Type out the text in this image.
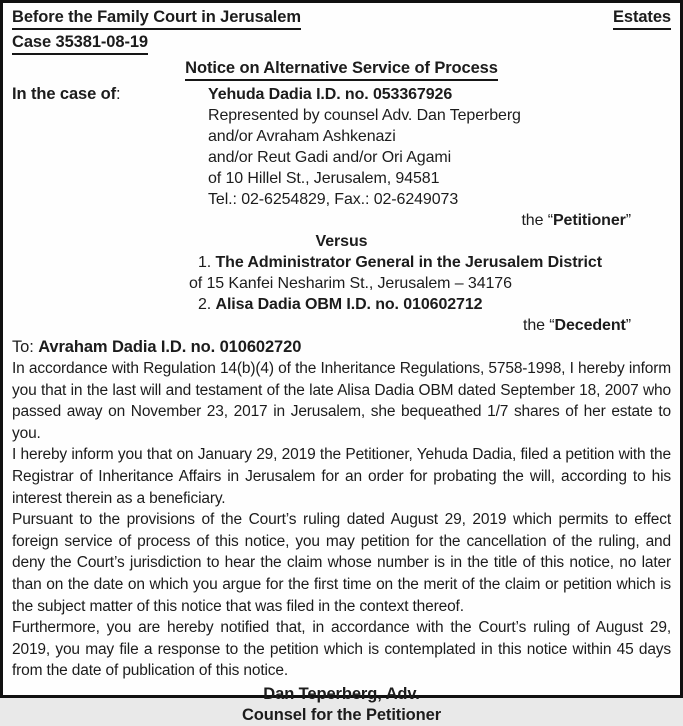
Before the Family Court in Jerusalem	Estates
Case 35381-08-19
Notice on Alternative Service of Process
In the case of:	Yehuda Dadia I.D. no. 053367926
Represented by counsel Adv. Dan Teperberg
and/or Avraham Ashkenazi
and/or Reut Gadi and/or Ori Agami
of 10 Hillel St., Jerusalem, 94581
Tel.: 02-6254829, Fax.: 02-6249073
the “Petitioner”
Versus
1. The Administrator General in the Jerusalem District
of 15 Kanfei Nesharim St., Jerusalem – 34176
2. Alisa Dadia OBM I.D. no. 010602712
the “Decedent”
To: Avraham Dadia I.D. no. 010602720
In accordance with Regulation 14(b)(4) of the Inheritance Regulations, 5758-1998, I hereby inform you that in the last will and testament of the late Alisa Dadia OBM dated September 18, 2007 who passed away on November 23, 2017 in Jerusalem, she bequeathed 1/7 shares of her estate to you.
I hereby inform you that on January 29, 2019 the Petitioner, Yehuda Dadia, filed a petition with the Registrar of Inheritance Affairs in Jerusalem for an order for probating the will, according to his interest therein as a beneficiary.
Pursuant to the provisions of the Court’s ruling dated August 29, 2019 which permits to effect foreign service of process of this notice, you may petition for the cancellation of the ruling, and deny the Court’s jurisdiction to hear the claim whose number is in the title of this notice, no later than on the date on which you argue for the first time on the merit of the claim or petition which is the subject matter of this notice that was filed in the context thereof.
Furthermore, you are hereby notified that, in accordance with the Court’s ruling of August 29, 2019, you may file a response to the petition which is contemplated in this notice within 45 days from the date of publication of this notice.
Dan Teperberg, Adv.
Counsel for the Petitioner
